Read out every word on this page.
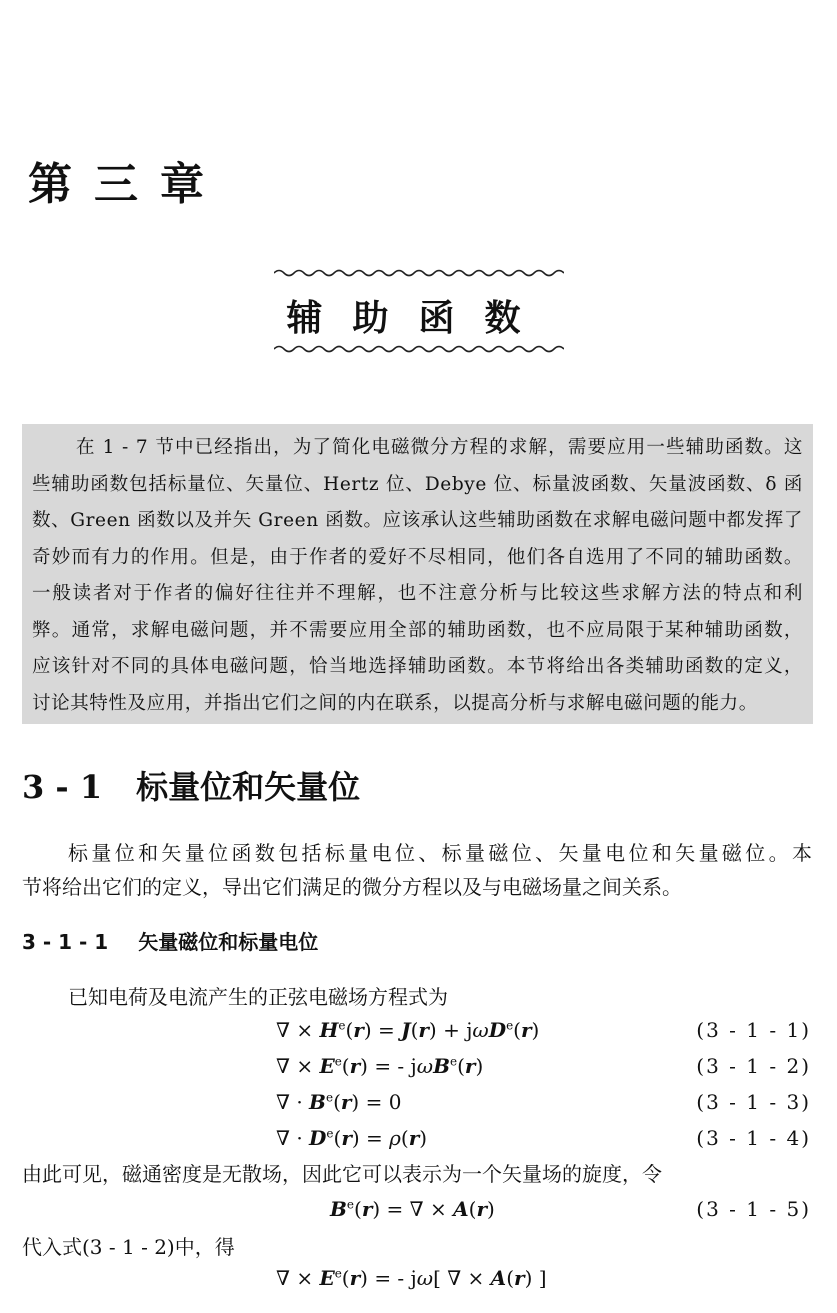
第三章
辅助函数
在 1 - 7 节中已经指出，为了简化电磁微分方程的求解，需要应用一些辅助函数。这
些辅助函数包括标量位、矢量位、Hertz 位、Debye 位、标量波函数、矢量波函数、δ 函
数、Green 函数以及并矢 Green 函数。应该承认这些辅助函数在求解电磁问题中都发挥了
奇妙而有力的作用。但是，由于作者的爱好不尽相同，他们各自选用了不同的辅助函数。
一般读者对于作者的偏好往往并不理解，也不注意分析与比较这些求解方法的特点和利
弊。通常，求解电磁问题，并不需要应用全部的辅助函数，也不应局限于某种辅助函数，
应该针对不同的具体电磁问题，恰当地选择辅助函数。本节将给出各类辅助函数的定义，
讨论其特性及应用，并指出它们之间的内在联系，以提高分析与求解电磁问题的能力。
3 - 1 标量位和矢量位
标量位和矢量位函数包括标量电位、标量磁位、矢量电位和矢量磁位。本
节将给出它们的定义，导出它们满足的微分方程以及与电磁场量之间关系。
3 - 1 - 1 矢量磁位和标量电位
已知电荷及电流产生的正弦电磁场方程式为
∇ × $H^e(r) = J(r) + j\omega D^e(r)$	(3 - 1 - 1)
∇ × $E^e(r)$ = - jωB$^e$(r)	(3 - 1 - 2)
∇ · $B^e(r) = 0$	(3 - 1 - 3)
∇ · $D^e(r) = \rho(r)$	(3 - 1 - 4)
由此可见，磁通密度是无散场，因此它可以表示为一个矢量场的旋度，令
$B^e(r)$ = ∇ × A(r)	(3 - 1 - 5)
代入式(3 - 1 - 2)中，得
∇ × $E^e(r)$ = - jω[ ∇ × A(r) ]
